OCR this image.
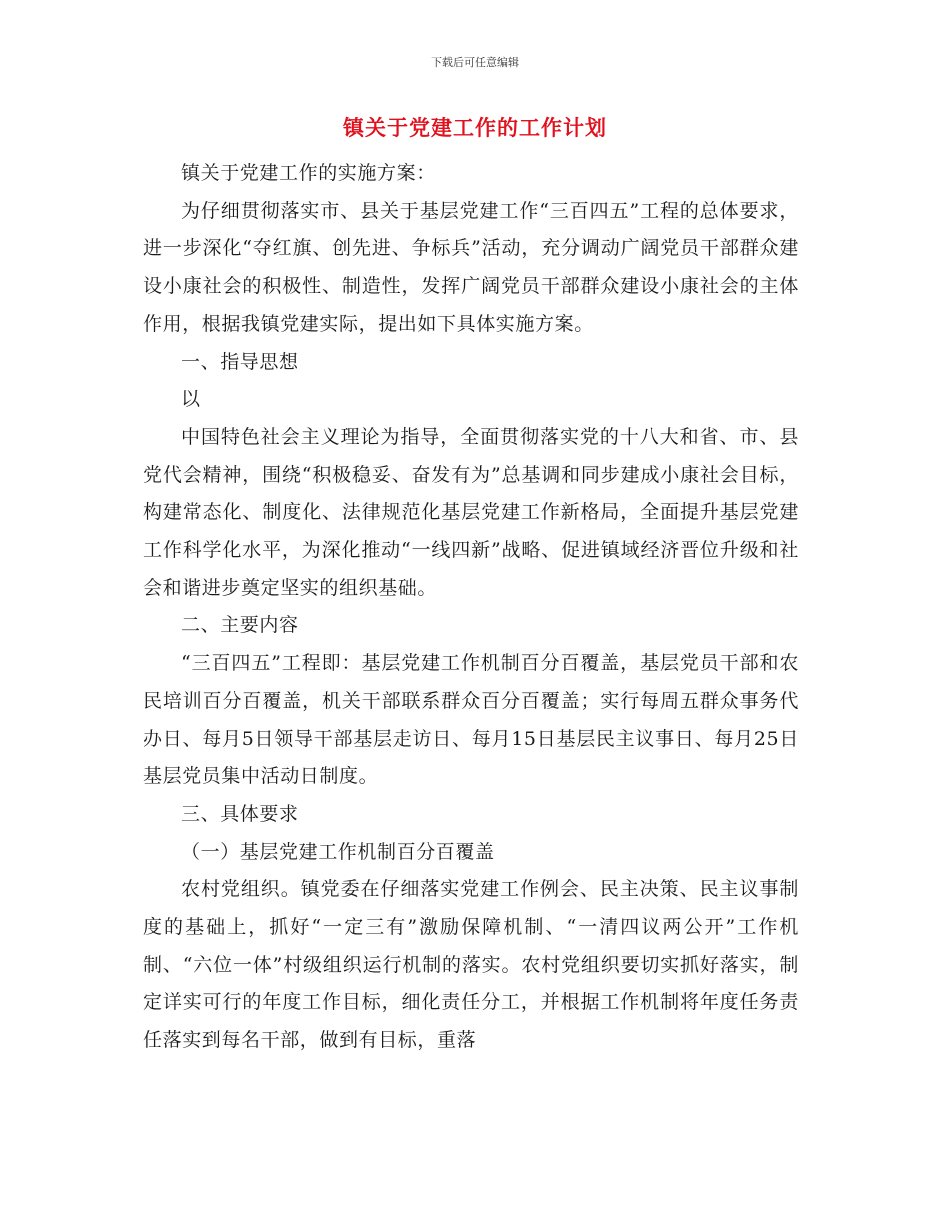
下载后可任意编辑
镇关于党建工作的工作计划

镇关于党建工作的实施方案：

为仔细贯彻落实市、县关于基层党建工作“三百四五”工程的总体要求，进一步深化“夺红旗、创先进、争标兵”活动，充分调动广阔党员干部群众建设小康社会的积极性、制造性，发挥广阔党员干部群众建设小康社会的主体作用，根据我镇党建实际，提出如下具体实施方案。

一、指导思想

以

中国特色社会主义理论为指导，全面贯彻落实党的十八大和省、市、县党代会精神，围绕“积极稳妥、奋发有为”总基调和同步建成小康社会目标，构建常态化、制度化、法律规范化基层党建工作新格局，全面提升基层党建工作科学化水平，为深化推动“一线四新”战略、促进镇域经济晋位升级和社会和谐进步奠定坚实的组织基础。

二、主要内容

“三百四五”工程即：基层党建工作机制百分百覆盖，基层党员干部和农民培训百分百覆盖，机关干部联系群众百分百覆盖；实行每周五群众事务代办日、每月5日领导干部基层走访日、每月15日基层民主议事日、每月25日基层党员集中活动日制度。

三、具体要求

（一）基层党建工作机制百分百覆盖

农村党组织。镇党委在仔细落实党建工作例会、民主决策、民主议事制度的基础上，抓好“一定三有”激励保障机制、“一清四议两公开”工作机制、“六位一体”村级组织运行机制的落实。农村党组织要切实抓好落实，制定详实可行的年度工作目标，细化责任分工，并根据工作机制将年度任务责任落实到每名干部，做到有目标，重落
